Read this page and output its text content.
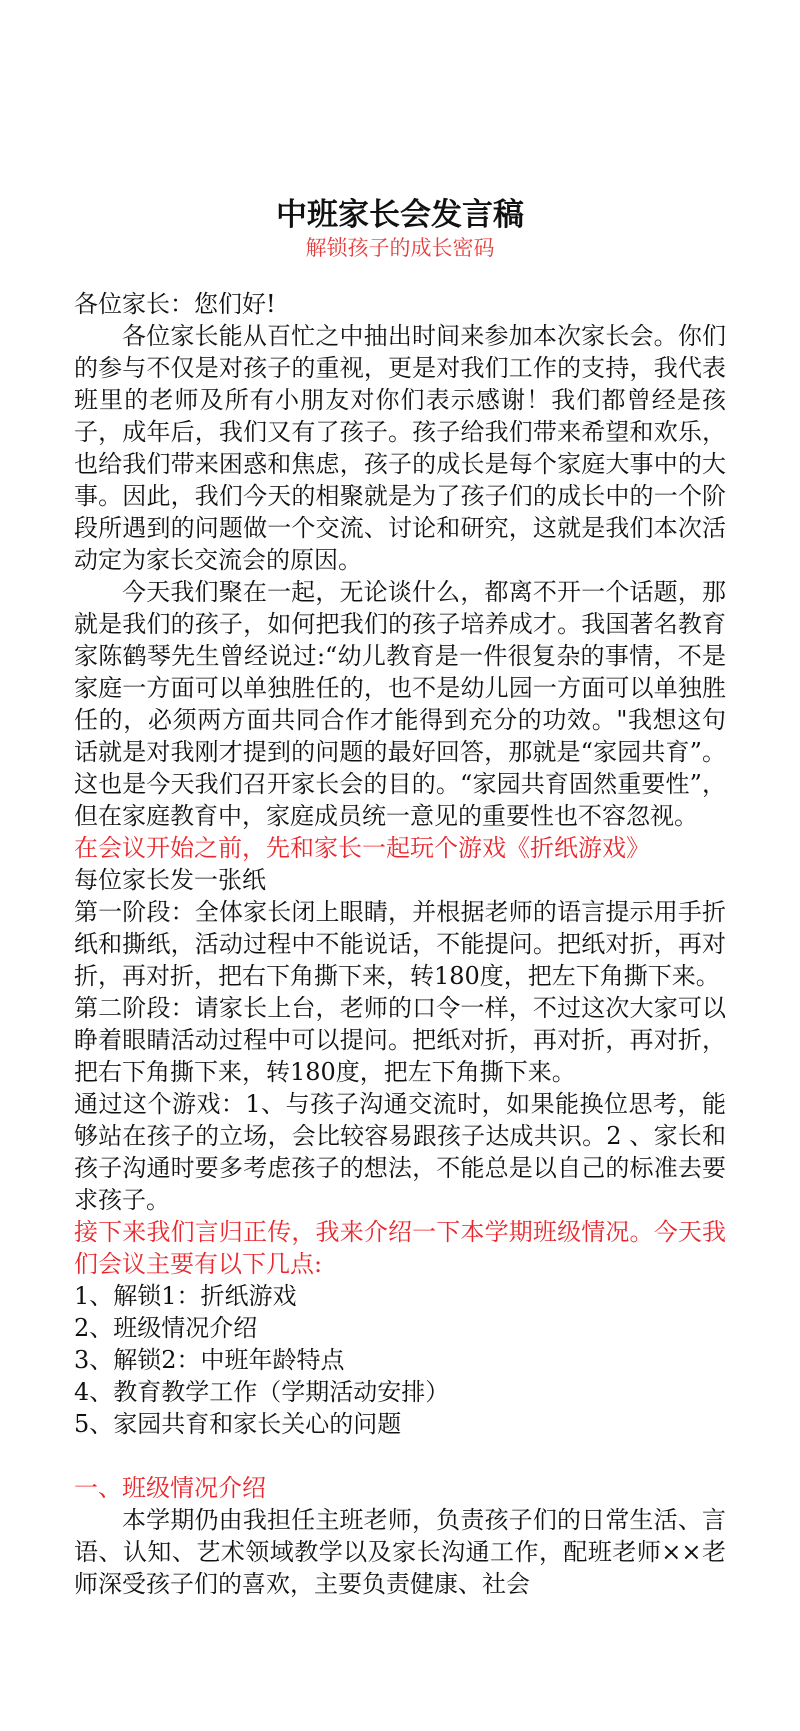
中班家长会发言稿
解锁孩子的成长密码

各位家长：您们好!

各位家长能从百忙之中抽出时间来参加本次家长会。你们的参与不仅是对孩子的重视，更是对我们工作的支持，我代表班里的老师及所有小朋友对你们表示感谢！我们都曾经是孩子，成年后，我们又有了孩子。孩子给我们带来希望和欢乐，也给我们带来困惑和焦虑，孩子的成长是每个家庭大事中的大事。因此，我们今天的相聚就是为了孩子们的成长中的一个阶段所遇到的问题做一个交流、讨论和研究，这就是我们本次活动定为家长交流会的原因。

今天我们聚在一起，无论谈什么，都离不开一个话题，那就是我们的孩子，如何把我们的孩子培养成才。我国著名教育家陈鹤琴先生曾经说过:“幼儿教育是一件很复杂的事情，不是家庭一方面可以单独胜任的，也不是幼儿园一方面可以单独胜任的，必须两方面共同合作才能得到充分的功效。"我想这句话就是对我刚才提到的问题的最好回答，那就是“家园共育”。这也是今天我们召开家长会的目的。“家园共育固然重要性”，但在家庭教育中，家庭成员统一意见的重要性也不容忽视。

在会议开始之前，先和家长一起玩个游戏《折纸游戏》

每位家长发一张纸

第一阶段：全体家长闭上眼睛，并根据老师的语言提示用手折纸和撕纸，活动过程中不能说话，不能提问。把纸对折，再对折，再对折，把右下角撕下来，转180度，把左下角撕下来。

第二阶段：请家长上台，老师的口令一样，不过这次大家可以睁着眼睛活动过程中可以提问。把纸对折，再对折，再对折，把右下角撕下来，转180度，把左下角撕下来。

通过这个游戏：1、与孩子沟通交流时，如果能换位思考，能够站在孩子的立场，会比较容易跟孩子达成共识。2 、家长和孩子沟通时要多考虑孩子的想法，不能总是以自己的标准去要求孩子。

接下来我们言归正传，我来介绍一下本学期班级情况。今天我们会议主要有以下几点:

1、解锁1：折纸游戏

2、班级情况介绍

3、解锁2：中班年龄特点

4、教育教学工作（学期活动安排）

5、家园共育和家长关心的问题

一、班级情况介绍

本学期仍由我担任主班老师，负责孩子们的日常生活、言语、认知、艺术领域教学以及家长沟通工作，配班老师××老师深受孩子们的喜欢，主要负责健康、社会
